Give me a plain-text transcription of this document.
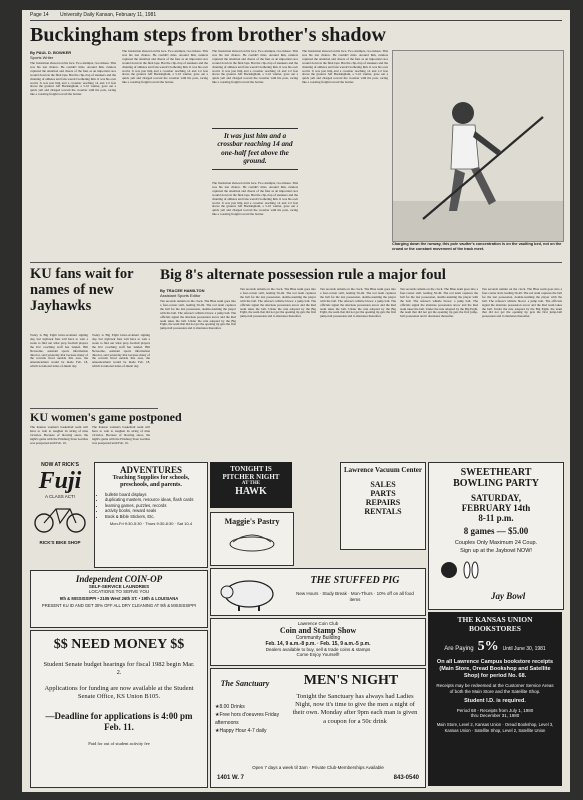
Page 14 University Daily Kansan, February 11, 1981
Buckingham steps from brother's shadow
By PAUL D. BOWKER
Sports Writer
The frustration showed on his face. Two attempts, two misses. This was his last chance. He couldn't miss. Around him, runners captured the attention and cheers of the fans as an important race wound down in the final laps. But the clip-clap of sneakers and the chanting of athletes and fans weren't bothering him. It was his own world. It was just him and a crossbar reaching 14 and 1/2 feet above the ground. Jeff Buckingham, a 5-10 vaulter, gave out a quick yell and charged toward the crossbar with his pole, racing like a coasting freight toward the barrier.
The frustration showed on his face. Two attempts, two misses. This was his last chance. He couldn't miss. Around him, runners captured the attention and cheers of the fans as an important race wound down in the final laps. But the clip-clap of sneakers and the chanting of athletes and fans weren't bothering him. It was his own world. It was just him and a crossbar reaching 14 and 1/2 feet above the ground. Jeff Buckingham, a 5-10 vaulter, gave out a quick yell and charged toward the crossbar with his pole, racing like a coasting freight toward the barrier.
It was just him and a crossbar reaching 14 and one-half feet above the ground.
The frustration showed on his face. Two attempts, two misses. This was his last chance. He couldn't miss. Around him, runners captured the attention and cheers of the fans as an important race wound down in the final laps. But the clip-clap of sneakers and the chanting of athletes and fans weren't bothering him. It was his own world. It was just him and a crossbar reaching 14 and 1/2 feet above the ground. Jeff Buckingham, a 5-10 vaulter, gave out a quick yell and charged toward the crossbar with his pole, racing like a coasting freight toward the barrier.
The frustration showed on his face. Two attempts, two misses. This was his last chance. He couldn't miss. Around him, runners captured the attention and cheers of the fans as an important race wound down in the final laps. But the clip-clap of sneakers and the chanting of athletes and fans weren't bothering him. It was his own world. It was just him and a crossbar reaching 14 and 1/2 feet above the ground. Jeff Buckingham, a 5-10 vaulter, gave out a quick yell and charged toward the crossbar with his pole, racing like a coasting freight toward the barrier.
The frustration showed on his face. Two attempts, two misses. This was his last chance. He couldn't miss. Around him, runners captured the attention and cheers of the fans as an important race wound down in the final laps. But the clip-clap of sneakers and the chanting of athletes and fans weren't bothering him. It was his own world. It was just him and a crossbar reaching 14 and 1/2 feet above the ground. Jeff Buckingham, a 5-10 vaulter, gave out a quick yell and charged toward the crossbar with his pole, racing like a coasting freight toward the barrier.
Charging down the runway, this pole vaulter's concentration is on the vaulting bed, not on the crowd or the constant movement of the track meet.
KU fans wait for names of new Jayhawks
Today is Big Eight letter-of-intent signing day, but Jayhawk fans will have to wait a week to find out what prep football players the KU coaching staff has landed. Bill Newsome, assistant sports information director, said yesterday that because many of the recruits lived outside this area, the announcement would be made Feb. 18, which is national letter-of-intent day.
Today is Big Eight letter-of-intent signing day, but Jayhawk fans will have to wait a week to find out what prep football players the KU coaching staff has landed. Bill Newsome, assistant sports information director, said yesterday that because many of the recruits lived outside this area, the announcement would be made Feb. 18, which is national letter-of-intent day.
Big 8's alternate possession rule a major foul
By TRACEE HAMILTON
Assistant Sports Editor
Ten seconds remain on the clock. The Blue team goes into a four-corner stall, leading 56-49. The red team captures the ball for the last possession, double-teaming the player with the ball. The referee's whistle blows: a jump ball. The officials signal the alternate possession arrow and the Red team takes the ball. Under the rule adopted by the Big Eight, the team that did not get the opening tip gets the first jump-ball possession and it alternates thereafter.
Ten seconds remain on the clock. The Blue team goes into a four-corner stall, leading 56-49. The red team captures the ball for the last possession, double-teaming the player with the ball. The referee's whistle blows: a jump ball. The officials signal the alternate possession arrow and the Red team takes the ball. Under the rule adopted by the Big Eight, the team that did not get the opening tip gets the first jump-ball possession and it alternates thereafter.
Ten seconds remain on the clock. The Blue team goes into a four-corner stall, leading 56-49. The red team captures the ball for the last possession, double-teaming the player with the ball. The referee's whistle blows: a jump ball. The officials signal the alternate possession arrow and the Red team takes the ball. Under the rule adopted by the Big Eight, the team that did not get the opening tip gets the first jump-ball possession and it alternates thereafter.
Ten seconds remain on the clock. The Blue team goes into a four-corner stall, leading 56-49. The red team captures the ball for the last possession, double-teaming the player with the ball. The referee's whistle blows: a jump ball. The officials signal the alternate possession arrow and the Red team takes the ball. Under the rule adopted by the Big Eight, the team that did not get the opening tip gets the first jump-ball possession and it alternates thereafter.
Ten seconds remain on the clock. The Blue team goes into a four-corner stall, leading 56-49. The red team captures the ball for the last possession, double-teaming the player with the ball. The referee's whistle blows: a jump ball. The officials signal the alternate possession arrow and the Red team takes the ball. Under the rule adopted by the Big Eight, the team that did not get the opening tip gets the first jump-ball possession and it alternates thereafter.
KU women's game postponed
The Kansas women's basketball team will have to wait to toughen its string of nine victories. Because of blowing snow, the night's game with the Pittsburg State Gorillas was postponed until Feb. 16.
The Kansas women's basketball team will have to wait to toughen its string of nine victories. Because of blowing snow, the night's game with the Pittsburg State Gorillas was postponed until Feb. 16.
NOW AT RICK'S
Fuji
A CLASS ACT!
RICK'S BIKE SHOP
ADVENTURES
Teaching Supplies for schools, preschools, and parents.
• bulletin board displays
• duplicating masters, resource ideas, flash cards
• learning games, puzzles, records
• activity books, reward seals
• Book & Bible Stickers, Etc.
Mon-Fri 9:30-5:30 · Thurs 9:30-8:30 · Sat 10-4
TONIGHT IS
PITCHER NIGHT
AT THE
HAWK
Maggie's Pastry
Lawrence Vacuum Center
SALES
PARTS
REPAIRS
RENTALS
THE STUFFED PIG
New Hours · Study Break · Mon-Thurs · 10% off on all food items
Lawrence Coin Club
Coin and Stamp Show
Community Building
Feb. 14, 9 a.m.-8 p.m. · Feb. 15, 9 a.m.-5 p.m.
Dealers available to buy, sell & trade coins & stamps
Come Enjoy Yourself!
Independent COIN-OP
SELF-SERVICE LAUNDRIES
LOCATIONS TO SERVE YOU
9th & MISSISSIPPI • 2105 West 26th ST. • 19th & LOUISIANA
PRESENT KU ID AND GET 30% OFF ALL DRY CLEANING AT 9th & MISSISSIPPI
$$ NEED MONEY $$
Student Senate budget hearings for fiscal 1982 begin Mar. 2.
Applications for funding are now available at the Student Senate Office, KS Union B105.
—Deadline for applications is 4:00 pm Feb. 11.
Paid for out of student activity fee
MEN'S NIGHT
The Sanctuary
★8.00 Drinks
★Free hors d'oeuvres Friday afternoons
★Happy Hour 4-7 daily
Tonight the Sanctuary has always had Ladies Night, now it's time to give the men a night of their own. Monday after 9pm each man is given a coupon for a 50c drink
Open 7 days a week til 3am · Private Club-Memberships Available
1401 W. 7	843-0540
SWEETHEART BOWLING PARTY
SATURDAY,
FEBRUARY 14th
8-11 p.m.
8 games — $5.00
Couples Only Maximum 24 Coup.
Sign up at the Jaybowl NOW!
Jay Bowl
THE KANSAS UNION BOOKSTORES
Are Paying 5% Until June 30, 1981
On all Lawrence Campus bookstore receipts (Main Store, Oread Bookshop and Satellite Shop) for period No. 68.
Receipts may be redeemed at the Customer Service Areas of both the Main Store and the Satellite Shop.
Student I.D. is required.
Period 68 - Receipts from July 1, 1980
thru December 31, 1980
Main Store, Level 2, Kansas Union · Oread Bookshop, Level 3, Kansas Union · Satellite Shop, Level 2, Satellite Union
